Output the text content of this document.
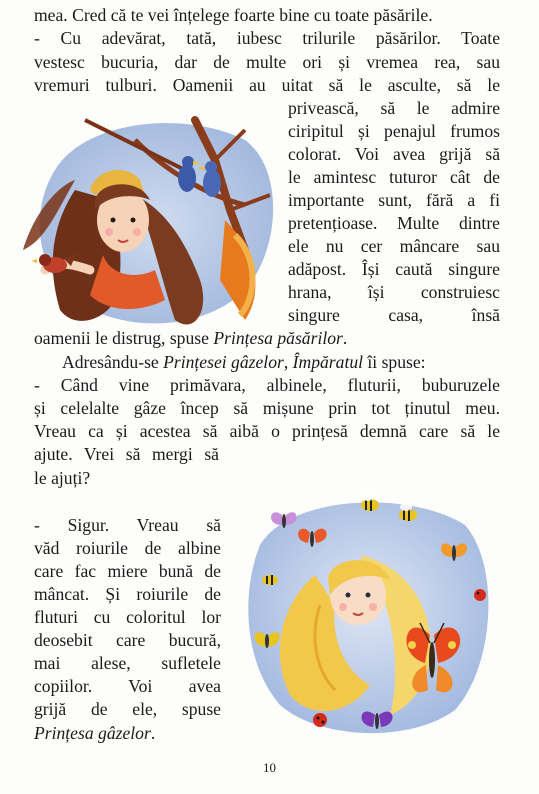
mea. Cred că te vei înțelege foarte bine cu toate păsările.
- Cu adevărat, tată, iubesc trilurile păsărilor. Toate
vestesc bucuria, dar de multe ori și vremea rea, sau
vremuri tulburi. Oamenii au uitat să le asculte, să le
privească, să le admire
ciripitul și penajul frumos
colorat. Voi avea grijă să
le amintesc tuturor cât de
importante sunt, fără a fi
pretențioase. Multe dintre
ele nu cer mâncare sau
adăpost. Își caută singure
hrana, își construiesc
singure casa, însă
oamenii le distrug, spuse Prințesa păsărilor.
Adresându-se Prințesei gâzelor, Împăratul îi spuse:
- Când vine primăvara, albinele, fluturii, buburuzele
și celelalte gâze încep să mișune prin tot ținutul meu.
Vreau ca și acestea să aibă o prințesă demnă care să le
ajute. Vrei să mergi să
le ajuți?
- Sigur. Vreau să
văd roiurile de albine
care fac miere bună de
mâncat. Și roiurile de
fluturi cu coloritul lor
deosebit care bucură,
mai alese, sufletele
copiilor. Voi avea
grijă de ele, spuse
Prințesa gâzelor.
10
